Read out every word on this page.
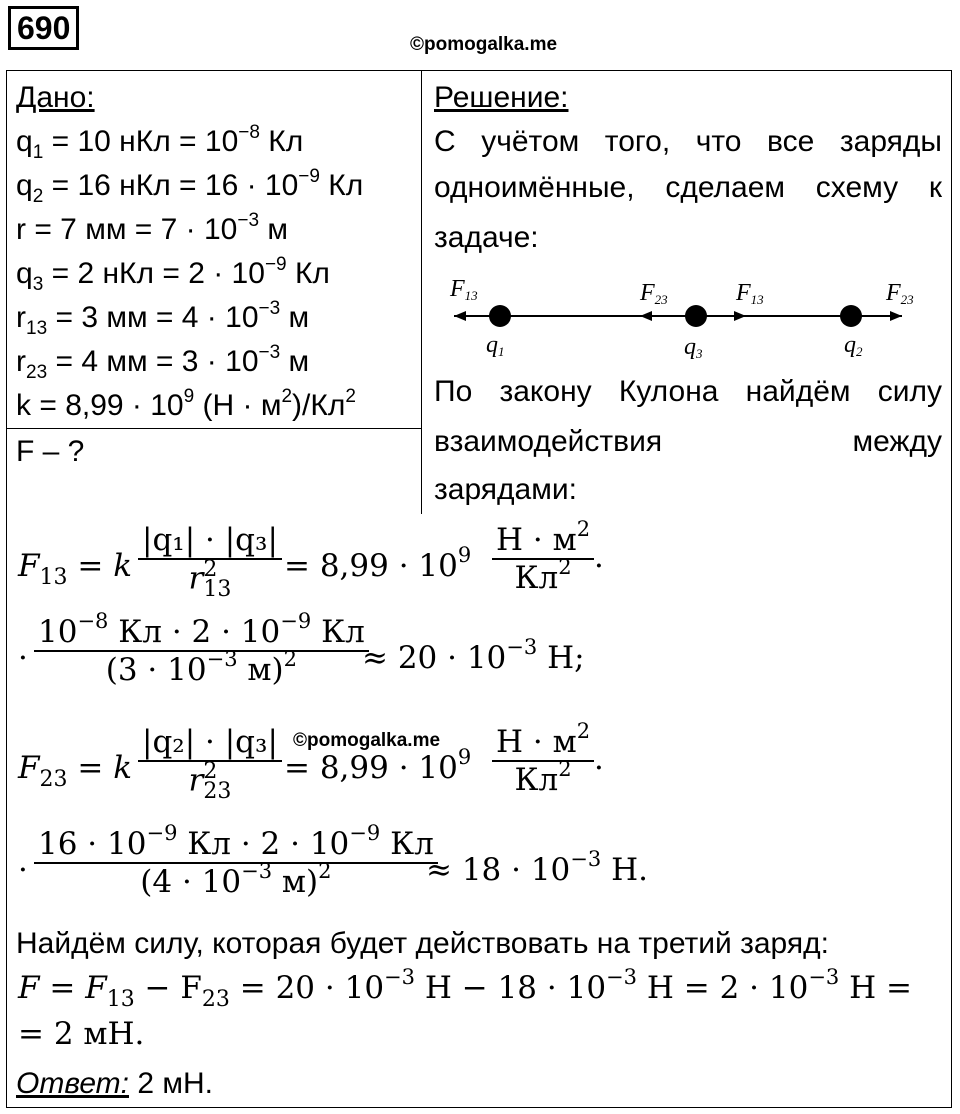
690	©pomogalka.me
Дано:
$q_1 = 10$ нКл = $10^{-8}$ Кл
$q_2 = 16$ нКл = $16 \cdot 10^{-9}$ Кл
r = 7 мм = $7 \cdot 10^{-3}$ м
$q_3 = 2$ нКл = $2 \cdot 10^{-9}$ Кл
$r_{13} = 3$ мм = $4 \cdot 10^{-3}$ м
$r_{23} = 4$ мм = $3 \cdot 10^{-3}$ м
$k = 8,99 \cdot 10^9$ $(Н \cdot м^2)/Кл^2$
F – ?
Решение:
С учётом того, что все заряды
одноимённые, сделаем схему к
задаче:
F13	F23	F13	F23
q1	q3	q2
По закону Кулона найдём силу
взаимодействия между
зарядами:
$F_{13} = k$ |q₁| · |q₃|
r 2
$13 = 8,99 \cdot 10^9$ $Н \cdot м^2$
$Кл^2$ ·
·
$10^{-8}$ Кл · $2 \cdot 10^{-9}$ Кл
($3 \cdot 10^{-3}$ м)$^2$	≈ $20 \cdot 10^{-3}$ Н;
©pomogalka.me
$F_{23} = k$ |q₂| · |q₃|
r 2
$23 = 8,99 \cdot 10^9$ $Н \cdot м^2$
$Кл^2$ ·
·
$16 \cdot 10^{-9}$ Кл · $2 \cdot 10^{-9}$ Кл
($4 \cdot 10^{-3}$ м)$^2$	≈ $18 \cdot 10^{-3}$ Н.
Найдём силу, которая будет действовать на третий заряд:
$F = F_{13} - F_{23} = 20 \cdot 10^{-3}$ $Н - 18 \cdot 10^{-3}$ $Н = 2 \cdot 10^{-3}$ Н =
= 2 мН.
Ответ: 2 мН.
